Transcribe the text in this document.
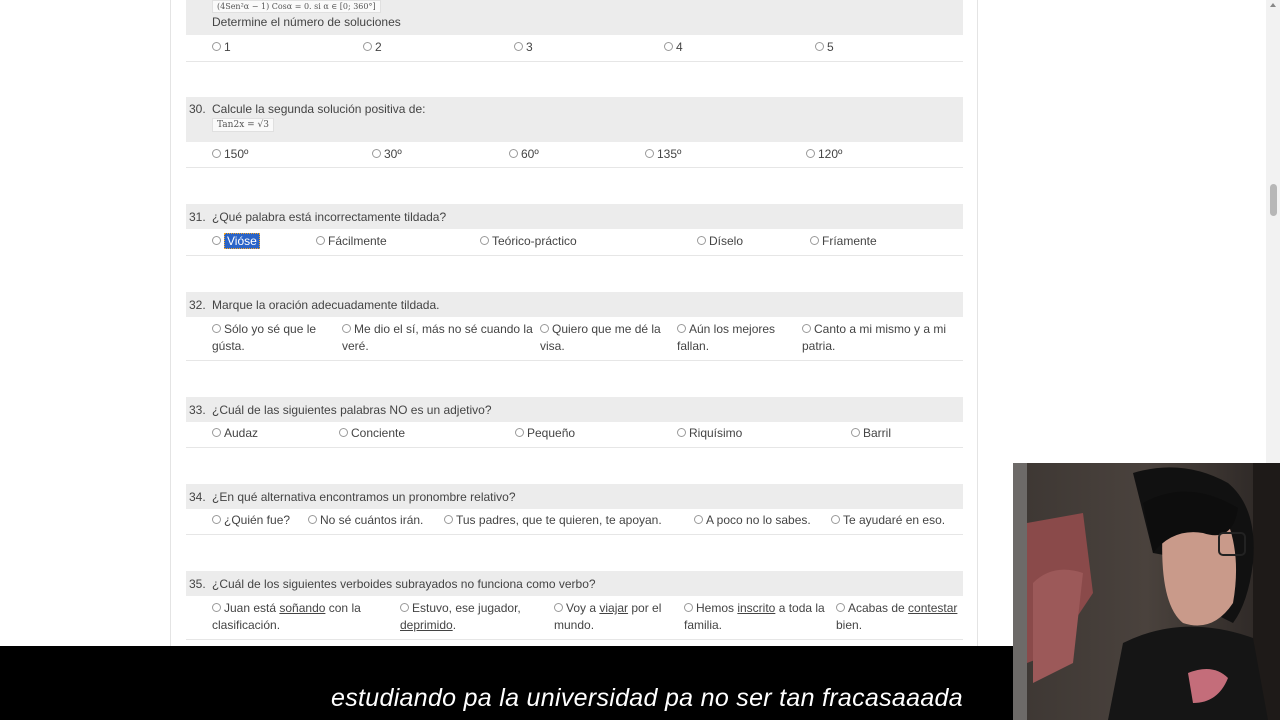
(4Sen²α − 1) Cosα = 0. si α ∈ [0; 360°]
Determine el número de soluciones
1	2	3	4	5
30. Calcule la segunda solución positiva de:
Tan2x = √3
150º	30º	60º	135º	120º
31. ¿Qué palabra está incorrectamente tildada?
Vióse	Fácilmente	Teórico-práctico	Díselo	Fríamente
32. Marque la oración adecuadamente tildada.
Sólo yo sé que le
gústa.
Me dio el sí, más no sé cuando la
veré.
Quiero que me dé la
visa.
Aún los mejores
fallan.
Canto a mi mismo y a mi
patria.
33. ¿Cuál de las siguientes palabras NO es un adjetivo?
Audaz	Conciente	Pequeño	Riquísimo	Barril
34. ¿En qué alternativa encontramos un pronombre relativo?
¿Quién fue?	No sé cuántos irán.	Tus padres, que te quieren, te apoyan.	A poco no lo sabes.	Te ayudaré en eso.
35. ¿Cuál de los siguientes verboides subrayados no funciona como verbo?
Juan está soñando con la
clasificación.
Estuvo, ese jugador,
deprimido.
Voy a viajar por el
mundo.
Hemos inscrito a toda la
familia.
Acabas de contestar
bien.
estudiando pa la universidad pa no ser tan fracasaaada
